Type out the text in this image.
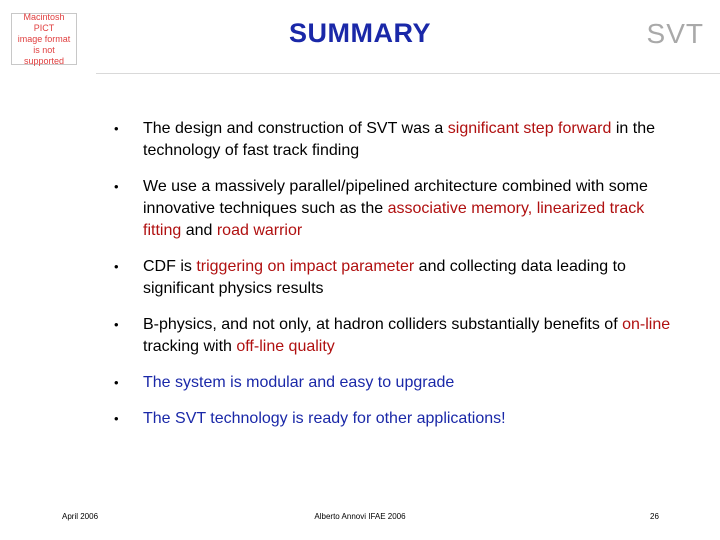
Macintosh PICT
image format
is not supported
SUMMARY	SVT
• The design and construction of SVT was a significant step forward in the technology of fast track finding
• We use a massively parallel/pipelined architecture combined with some innovative techniques such as the associative memory, linearized track fitting and road warrior
• CDF is triggering on impact parameter and collecting data leading to significant physics results
• B-physics, and not only, at hadron colliders substantially benefits of on-line tracking with off-line quality
• The system is modular and easy to upgrade
• The SVT technology is ready for other applications!
April 2006	Alberto Annovi IFAE 2006	26
